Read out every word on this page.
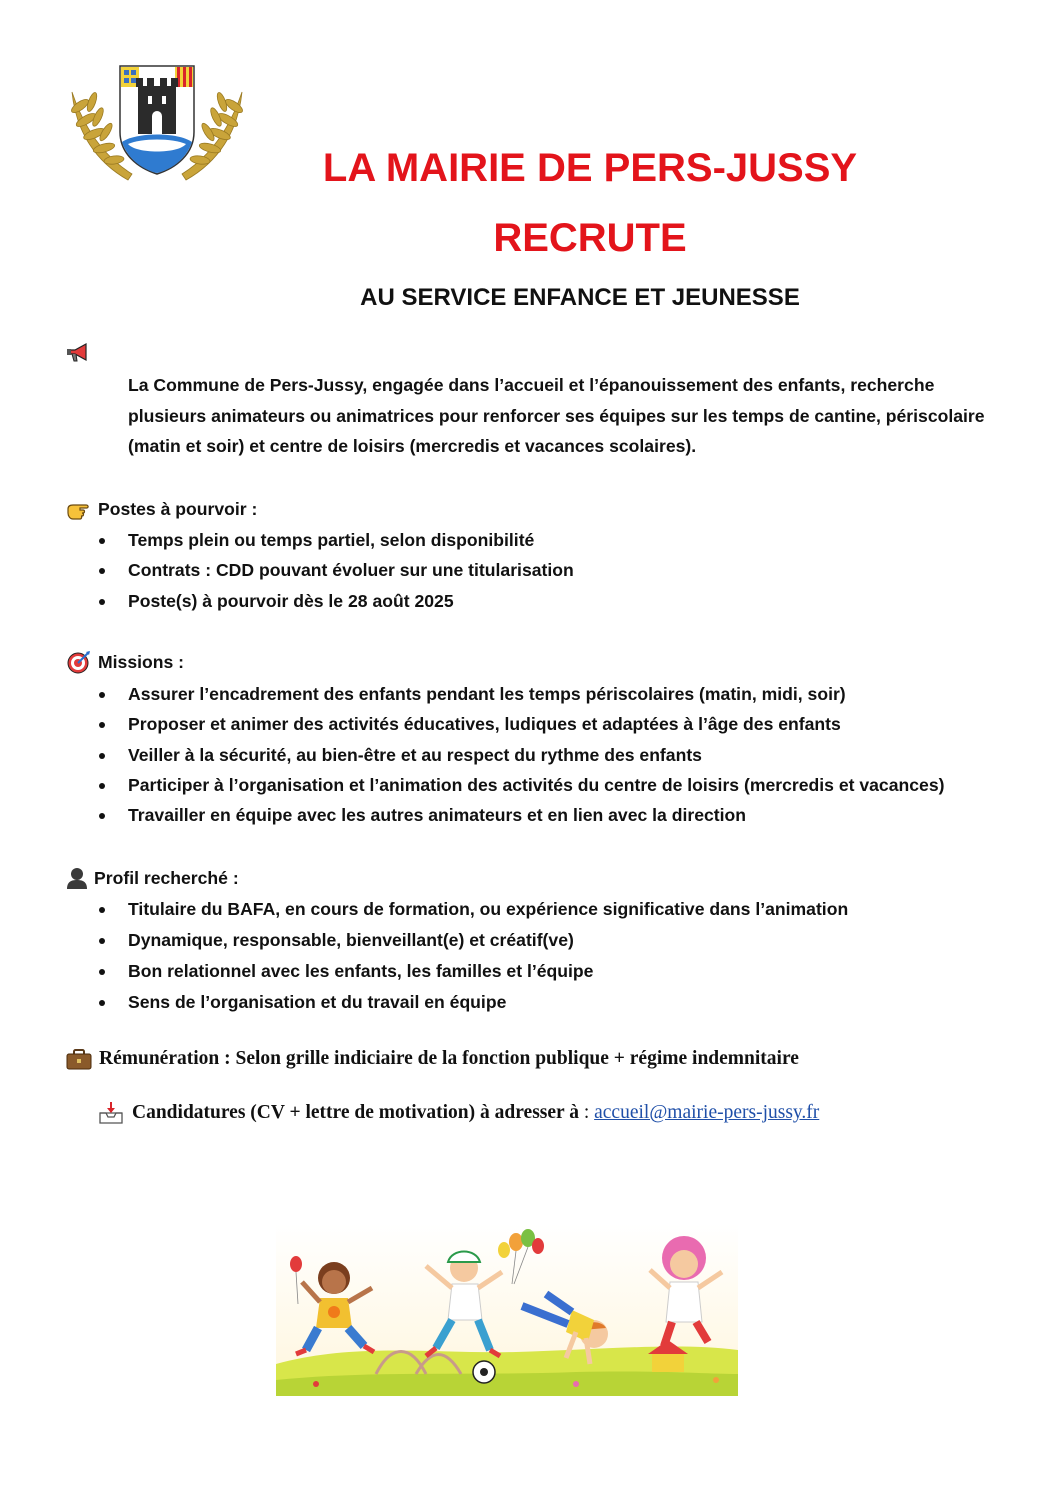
LA MAIRIE DE PERS-JUSSY
RECRUTE
AU SERVICE ENFANCE ET JEUNESSE
La Commune de Pers-Jussy, engagée dans l’accueil et l’épanouissement des enfants, recherche plusieurs animateurs ou animatrices pour renforcer ses équipes sur les temps de cantine, périscolaire (matin et soir) et centre de loisirs (mercredis et vacances scolaires).
Postes à pourvoir :
Temps plein ou temps partiel, selon disponibilité
Contrats : CDD pouvant évoluer sur une titularisation
Poste(s) à pourvoir dès le 28 août 2025
Missions :
Assurer l’encadrement des enfants pendant les temps périscolaires (matin, midi, soir)
Proposer et animer des activités éducatives, ludiques et adaptées à l’âge des enfants
Veiller à la sécurité, au bien-être et au respect du rythme des enfants
Participer à l’organisation et l’animation des activités du centre de loisirs (mercredis et vacances)
Travailler en équipe avec les autres animateurs et en lien avec la direction
Profil recherché :
Titulaire du BAFA, en cours de formation, ou expérience significative dans l’animation
Dynamique, responsable, bienveillant(e) et créatif(ve)
Bon relationnel avec les enfants, les familles et l’équipe
Sens de l’organisation et du travail en équipe
Rémunération : Selon grille indiciaire de la fonction publique + régime indemnitaire
Candidatures (CV + lettre de motivation) à adresser à : accueil@mairie-pers-jussy.fr
